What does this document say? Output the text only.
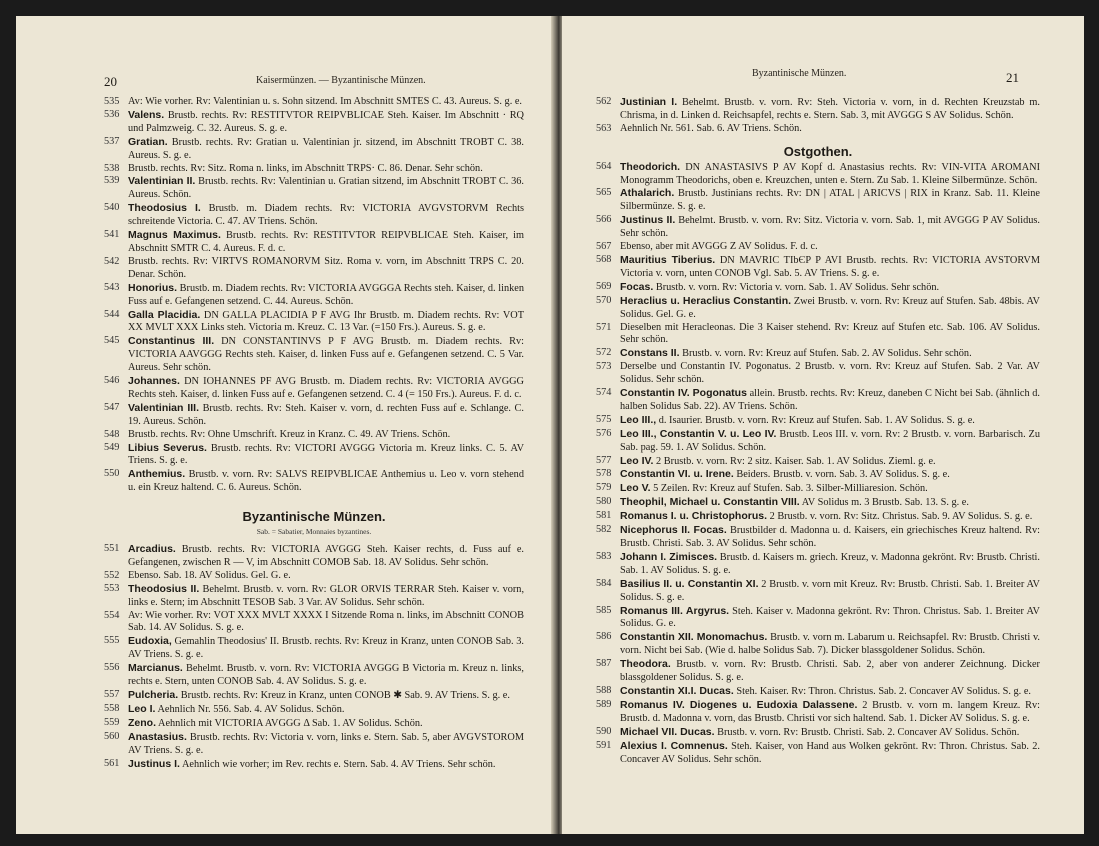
20	Kaisermünzen. — Byzantinische Münzen.

535 Av: Wie vorher. Rv: Valentinian u. s. Sohn sitzend. Im Abschnitt SMTES C. 43. Aureus. S. g. e.

536 Valens. Brustb. rechts. Rv: RESTITVTOR REIPVBLICAE Steh. Kaiser. Im Abschnitt · RQ und Palmzweig. C. 32. Aureus. S. g. e.

537 Gratian. Brustb. rechts. Rv: Gratian u. Valentinian jr. sitzend, im Abschnitt TROBT C. 38. Aureus. S. g. e.

538 Brustb. rechts. Rv: Sitz. Roma n. links, im Abschnitt TRPS· C. 86. Denar. Sehr schön.

539 Valentinian II. Brustb. rechts. Rv: Valentinian u. Gratian sitzend, im Abschnitt TROBT C. 36. Aureus. Schön.

540 Theodosius I. Brustb. m. Diadem rechts. Rv: VICTORIA AVGVSTORVM Rechts schreitende Victoria. C. 47. AV Triens. Schön.

541 Magnus Maximus. Brustb. rechts. Rv: RESTITVTOR REIPVBLICAE Steh. Kaiser, im Abschnitt SMTR C. 4. Aureus. F. d. c.

542 Brustb. rechts. Rv: VIRTVS ROMANORVM Sitz. Roma v. vorn, im Abschnitt TRPS C. 20. Denar. Schön.

543 Honorius. Brustb. m. Diadem rechts. Rv: VICTORIA AVGGGA Rechts steh. Kaiser, d. linken Fuss auf e. Gefangenen setzend. C. 44. Aureus. Schön.

544 Galla Placidia. DN GALLA PLACIDIA P F AVG Ihr Brustb. m. Diadem rechts. Rv: VOT XX MVLT XXX Links steh. Victoria m. Kreuz. C. 13 Var. (=150 Frs.). Aureus. S. g. e.

545 Constantinus III. DN CONSTANTINVS P F AVG Brustb. m. Diadem rechts. Rv: VICTORIA AAVGGG Rechts steh. Kaiser, d. linken Fuss auf e. Gefangenen setzend. C. 5 Var. Aureus. Sehr schön.

546 Johannes. DN IOHANNES PF AVG Brustb. m. Diadem rechts. Rv: VICTORIA AVGGG Rechts steh. Kaiser, d. linken Fuss auf e. Gefangenen setzend. C. 4 (= 150 Frs.). Aureus. F. d. c.

547 Valentinian III. Brustb. rechts. Rv: Steh. Kaiser v. vorn, d. rechten Fuss auf e. Schlange. C. 19. Aureus. Schön.

548 Brustb. rechts. Rv: Ohne Umschrift. Kreuz in Kranz. C. 49. AV Triens. Schön.

549 Libius Severus. Brustb. rechts. Rv: VICTORI AVGGG Victoria m. Kreuz links. C. 5. AV Triens. S. g. e.

550 Anthemius. Brustb. v. vorn. Rv: SALVS REIPVBLICAE Anthemius u. Leo v. vorn stehend u. ein Kreuz haltend. C. 6. Aureus. Schön.

Byzantinische Münzen.
Sab. = Sabatier, Monnaies byzantines.

551 Arcadius. Brustb. rechts. Rv: VICTORIA AVGGG Steh. Kaiser rechts, d. Fuss auf e. Gefangenen, zwischen R — V, im Abschnitt COMOB Sab. 18. AV Solidus. Sehr schön.

552 Ebenso. Sab. 18. AV Solidus. Gel. G. e.

553 Theodosius II. Behelmt. Brustb. v. vorn. Rv: GLOR ORVIS TERRAR Steh. Kaiser v. vorn, links e. Stern; im Abschnitt TESOB Sab. 3 Var. AV Solidus. Sehr schön.

554 Av: Wie vorher. Rv: VOT XXX MVLT XXXX I Sitzende Roma n. links, im Abschnitt CONOB Sab. 14. AV Solidus. S. g. e.

555 Eudoxia, Gemahlin Theodosius' II. Brustb. rechts. Rv: Kreuz in Kranz, unten CONOB Sab. 3. AV Triens. S. g. e.

556 Marcianus. Behelmt. Brustb. v. vorn. Rv: VICTORIA AVGGG B Victoria m. Kreuz n. links, rechts e. Stern, unten CONOB Sab. 4. AV Solidus. S. g. e.

557 Pulcheria. Brustb. rechts. Rv: Kreuz in Kranz, unten CONOB ✱ Sab. 9. AV Triens. S. g. e.

558 Leo I. Aehnlich Nr. 556. Sab. 4. AV Solidus. Schön.

559 Zeno. Aehnlich mit VICTORIA AVGGG Δ Sab. 1. AV Solidus. Schön.

560 Anastasius. Brustb. rechts. Rv: Victoria v. vorn, links e. Stern. Sab. 5, aber AVGVSTOROM AV Triens. S. g. e.

561 Justinus I. Aehnlich wie vorher; im Rev. rechts e. Stern. Sab. 4. AV Triens. Sehr schön.

Byzantinische Münzen.	21

562 Justinian I. Behelmt. Brustb. v. vorn. Rv: Steh. Victoria v. vorn, in d. Rechten Kreuzstab m. Chrisma, in d. Linken d. Reichsapfel, rechts e. Stern. Sab. 3, mit AVGGG S AV Solidus. Schön.

563 Aehnlich Nr. 561. Sab. 6. AV Triens. Schön.

Ostgothen.

564 Theodorich. DN ANASTASIVS P AV Kopf d. Anastasius rechts. Rv: VIN-VITA AROMANI Monogramm Theodorichs, oben e. Kreuzchen, unten e. Stern. Zu Sab. 1. Kleine Silbermünze. Schön.

565 Athalarich. Brustb. Justinians rechts. Rv: DN | ATAL | ARICVS | RIX in Kranz. Sab. 11. Kleine Silbermünze. S. g. e.

566 Justinus II. Behelmt. Brustb. v. vorn. Rv: Sitz. Victoria v. vorn. Sab. 1, mit AVGGG P AV Solidus. Sehr schön.

567 Ebenso, aber mit AVGGG Z AV Solidus. F. d. c.

568 Mauritius Tiberius. DN MAVRIC TIbЄP P AVI Brustb. rechts. Rv: VICTORIA AVSTORVM Victoria v. vorn, unten CONOB Vgl. Sab. 5. AV Triens. S. g. e.

569 Focas. Brustb. v. vorn. Rv: Victoria v. vorn. Sab. 1. AV Solidus. Sehr schön.

570 Heraclius u. Heraclius Constantin. Zwei Brustb. v. vorn. Rv: Kreuz auf Stufen. Sab. 48bis. AV Solidus. Gel. G. e.

571 Dieselben mit Heracleonas. Die 3 Kaiser stehend. Rv: Kreuz auf Stufen etc. Sab. 106. AV Solidus. Sehr schön.

572 Constans II. Brustb. v. vorn. Rv: Kreuz auf Stufen. Sab. 2. AV Solidus. Sehr schön.

573 Derselbe und Constantin IV. Pogonatus. 2 Brustb. v. vorn. Rv: Kreuz auf Stufen. Sab. 2 Var. AV Solidus. Sehr schön.

574 Constantin IV. Pogonatus allein. Brustb. rechts. Rv: Kreuz, daneben C Nicht bei Sab. (ähnlich d. halben Solidus Sab. 22). AV Triens. Schön.

575 Leo III., d. Isaurier. Brustb. v. vorn. Rv: Kreuz auf Stufen. Sab. 1. AV Solidus. S. g. e.

576 Leo III., Constantin V. u. Leo IV. Brustb. Leos III. v. vorn. Rv: 2 Brustb. v. vorn. Barbarisch. Zu Sab. pag. 59. 1. AV Solidus. Schön.

577 Leo IV. 2 Brustb. v. vorn. Rv: 2 sitz. Kaiser. Sab. 1. AV Solidus. Zieml. g. e.

578 Constantin VI. u. Irene. Beiders. Brustb. v. vorn. Sab. 3. AV Solidus. S. g. e.

579 Leo V. 5 Zeilen. Rv: Kreuz auf Stufen. Sab. 3. Silber-Milliaresion. Schön.

580 Theophil, Michael u. Constantin VIII. AV Solidus m. 3 Brustb. Sab. 13. S. g. e.

581 Romanus I. u. Christophorus. 2 Brustb. v. vorn. Rv: Sitz. Christus. Sab. 9. AV Solidus. S. g. e.

582 Nicephorus II. Focas. Brustbilder d. Madonna u. d. Kaisers, ein griechisches Kreuz haltend. Rv: Brustb. Christi. Sab. 3. AV Solidus. Sehr schön.

583 Johann I. Zimisces. Brustb. d. Kaisers m. griech. Kreuz, v. Madonna gekrönt. Rv: Brustb. Christi. Sab. 1. AV Solidus. S. g. e.

584 Basilius II. u. Constantin XI. 2 Brustb. v. vorn mit Kreuz. Rv: Brustb. Christi. Sab. 1. Breiter AV Solidus. S. g. e.

585 Romanus III. Argyrus. Steh. Kaiser v. Madonna gekrönt. Rv: Thron. Christus. Sab. 1. Breiter AV Solidus. G. e.

586 Constantin XII. Monomachus. Brustb. v. vorn m. Labarum u. Reichsapfel. Rv: Brustb. Christi v. vorn. Nicht bei Sab. (Wie d. halbe Solidus Sab. 7). Dicker blassgoldener Solidus. Schön.

587 Theodora. Brustb. v. vorn. Rv: Brustb. Christi. Sab. 2, aber von anderer Zeichnung. Dicker blassgoldener Solidus. S. g. e.

588 Constantin XI.I. Ducas. Steh. Kaiser. Rv: Thron. Christus. Sab. 2. Concaver AV Solidus. S. g. e.

589 Romanus IV. Diogenes u. Eudoxia Dalassene. 2 Brustb. v. vorn m. langem Kreuz. Rv: Brustb. d. Madonna v. vorn, das Brustb. Christi vor sich haltend. Sab. 1. Dicker AV Solidus. S. g. e.

590 Michael VII. Ducas. Brustb. v. vorn. Rv: Brustb. Christi. Sab. 2. Concaver AV Solidus. Schön.

591 Alexius I. Comnenus. Steh. Kaiser, von Hand aus Wolken gekrönt. Rv: Thron. Christus. Sab. 2. Concaver AV Solidus. Sehr schön.
